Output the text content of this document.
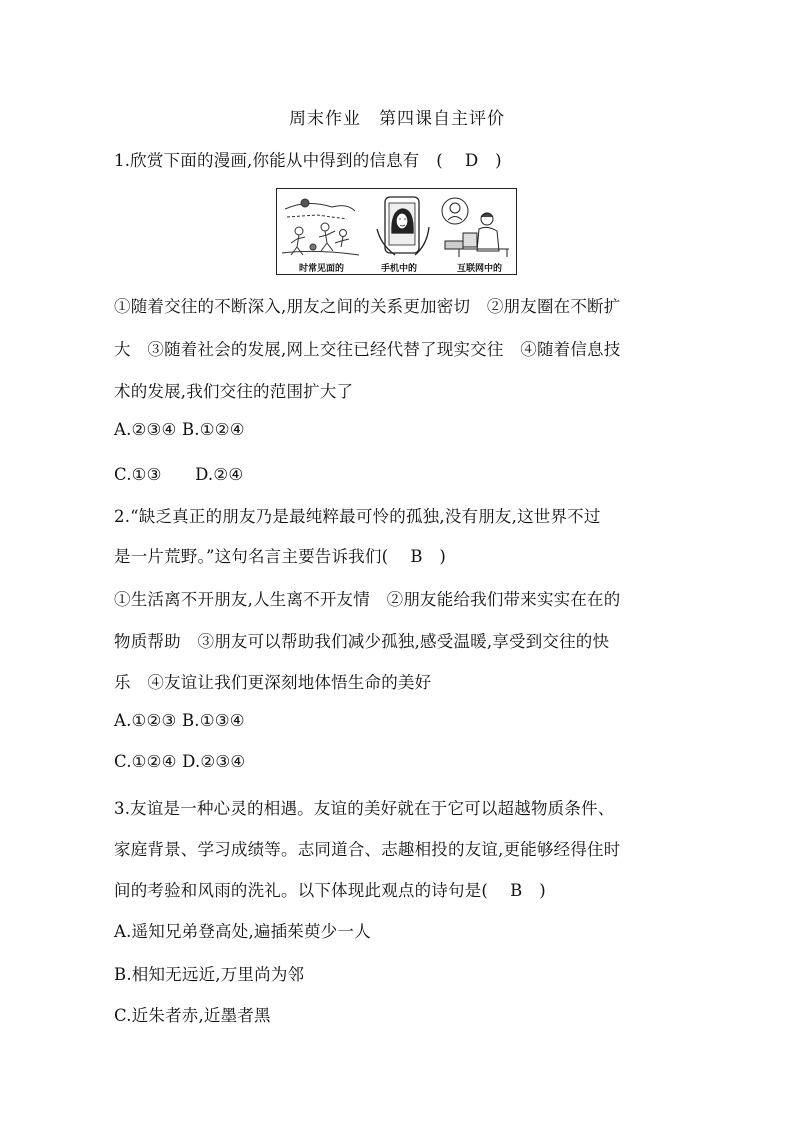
周末作业　第四课自主评价
1.欣赏下面的漫画,你能从中得到的信息有　(　 D　)
时常见面的	手机中的	互联网中的
①随着交往的不断深入,朋友之间的关系更加密切　②朋友圈在不断扩
大　③随着社会的发展,网上交往已经代替了现实交往　④随着信息技
术的发展,我们交往的范围扩大了
A.②③④ B.①②④
C.①③　　D.②④
2.“缺乏真正的朋友乃是最纯粹最可怜的孤独,没有朋友,这世界不过
是一片荒野。”这句名言主要告诉我们(　 B　)
①生活离不开朋友,人生离不开友情　②朋友能给我们带来实实在在的
物质帮助　③朋友可以帮助我们减少孤独,感受温暖,享受到交往的快
乐　④友谊让我们更深刻地体悟生命的美好
A.①②③ B.①③④
C.①②④ D.②③④
3.友谊是一种心灵的相遇。友谊的美好就在于它可以超越物质条件、
家庭背景、学习成绩等。志同道合、志趣相投的友谊,更能够经得住时
间的考验和风雨的洗礼。以下体现此观点的诗句是(　 B　)
A.遥知兄弟登高处,遍插茱萸少一人
B.相知无远近,万里尚为邻
C.近朱者赤,近墨者黑
